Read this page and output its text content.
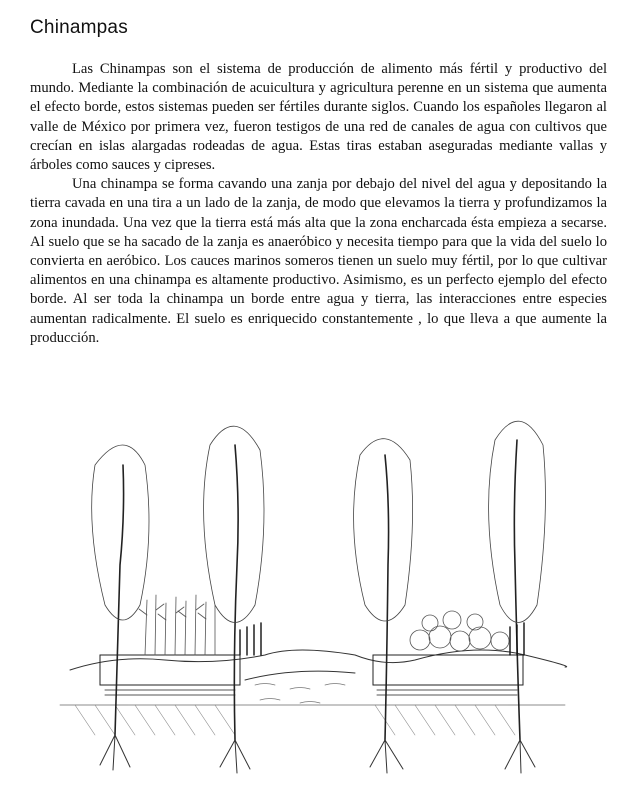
Chinampas

Las Chinampas son el sistema de producción de alimento más fértil y productivo del mundo. Mediante la combinación de acuicultura y agricultura perenne en un sistema que aumenta el efecto borde, estos sistemas pueden ser fértiles durante siglos. Cuando los españoles llegaron al valle de México por primera vez, fueron testigos de una red de canales de agua con cultivos que crecían en islas alargadas rodeadas de agua. Estas tiras estaban aseguradas mediante vallas y árboles como sauces y cipreses.

Una chinampa se forma cavando una zanja por debajo del nivel del agua y depositando la tierra cavada en una tira a un lado de la zanja, de modo que elevamos la tierra y profundizamos la zona inundada. Una vez que la tierra está más alta que la zona encharcada ésta empieza a secarse. Al suelo que se ha sacado de la zanja es anaeróbico y necesita tiempo para que la vida del suelo lo convierta en aeróbico. Los cauces marinos someros tienen un suelo muy fértil, por lo que cultivar alimentos en una chinampa es altamente productivo. Asimismo, es un perfecto ejemplo del efecto borde. Al ser toda la chinampa un borde entre agua y tierra, las interacciones entre especies aumentan radicalmente. El suelo es enriquecido constantemente , lo que lleva a que aumente la producción.
